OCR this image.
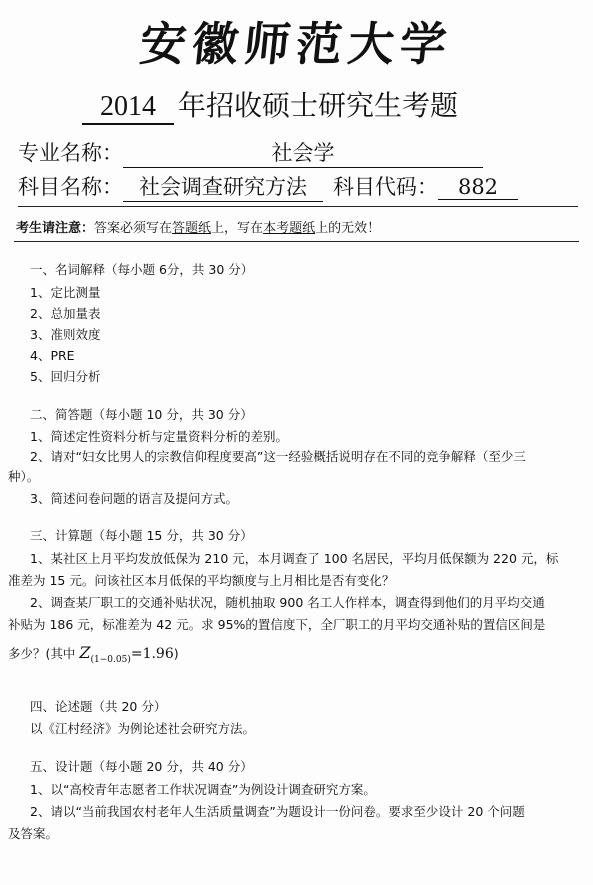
安徽师范大学
2014 年招收硕士研究生考题
专业名称：	社会学
科目名称： 社会调查研究方法 科目代码： 882
考生请注意：答案必须写在答题纸上，写在本考题纸上的无效！
一、名词解释（每小题 6分，共 30 分）
1、定比测量
2、总加量表
3、准则效度
4、PRE
5、回归分析
二、简答题（每小题 10 分，共 30 分）
1、简述定性资料分析与定量资料分析的差别。
2、请对“妇女比男人的宗教信仰程度要高”这一经验概括说明存在不同的竞争解释（至少三
种）。
3、简述问卷问题的语言及提问方式。
三、计算题（每小题 15 分，共 30 分）
1、某社区上月平均发放低保为 210 元，本月调查了 100 名居民，平均月低保额为 220 元，标
准差为 15 元。问该社区本月低保的平均额度与上月相比是否有变化？
2、调查某厂职工的交通补贴状况，随机抽取 900 名工人作样本，调查得到他们的月平均交通
补贴为 186 元，标准差为 42 元。求 95%的置信度下，全厂职工的月平均交通补贴的置信区间是
多少？(其中 $Z_{(1-0.05)}=1.96$)
四、论述题（共 20 分）
以《江村经济》为例论述社会研究方法。
五、设计题（每小题 20 分，共 40 分）
1、以“高校青年志愿者工作状况调查”为例设计调查研究方案。
2、请以“当前我国农村老年人生活质量调查”为题设计一份问卷。要求至少设计 20 个问题
及答案。
